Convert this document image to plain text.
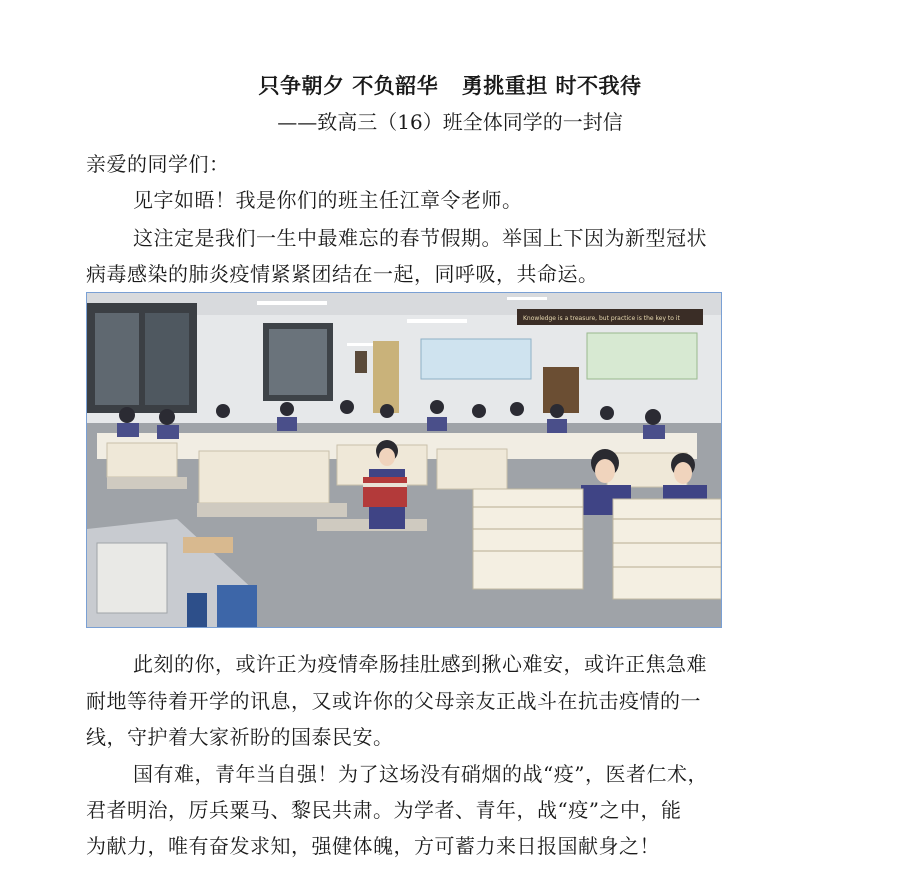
只争朝夕 不负韶华   勇挑重担 时不我待
——致高三（16）班全体同学的一封信
亲爱的同学们：
见字如晤！我是你们的班主任江章令老师。
这注定是我们一生中最难忘的春节假期。举国上下因为新型冠状
病毒感染的肺炎疫情紧紧团结在一起，同呼吸，共命运。
Knowledge is a treasure, but practice is the key to it
此刻的你，或许正为疫情牵肠挂肚感到揪心难安，或许正焦急难
耐地等待着开学的讯息，又或许你的父母亲友正战斗在抗击疫情的一
线，守护着大家祈盼的国泰民安。
国有难，青年当自强！为了这场没有硝烟的战“疫”，医者仁术，
君者明治，厉兵粟马、黎民共肃。为学者、青年，战“疫”之中，能
为献力，唯有奋发求知，强健体魄，方可蓄力来日报国献身之！
